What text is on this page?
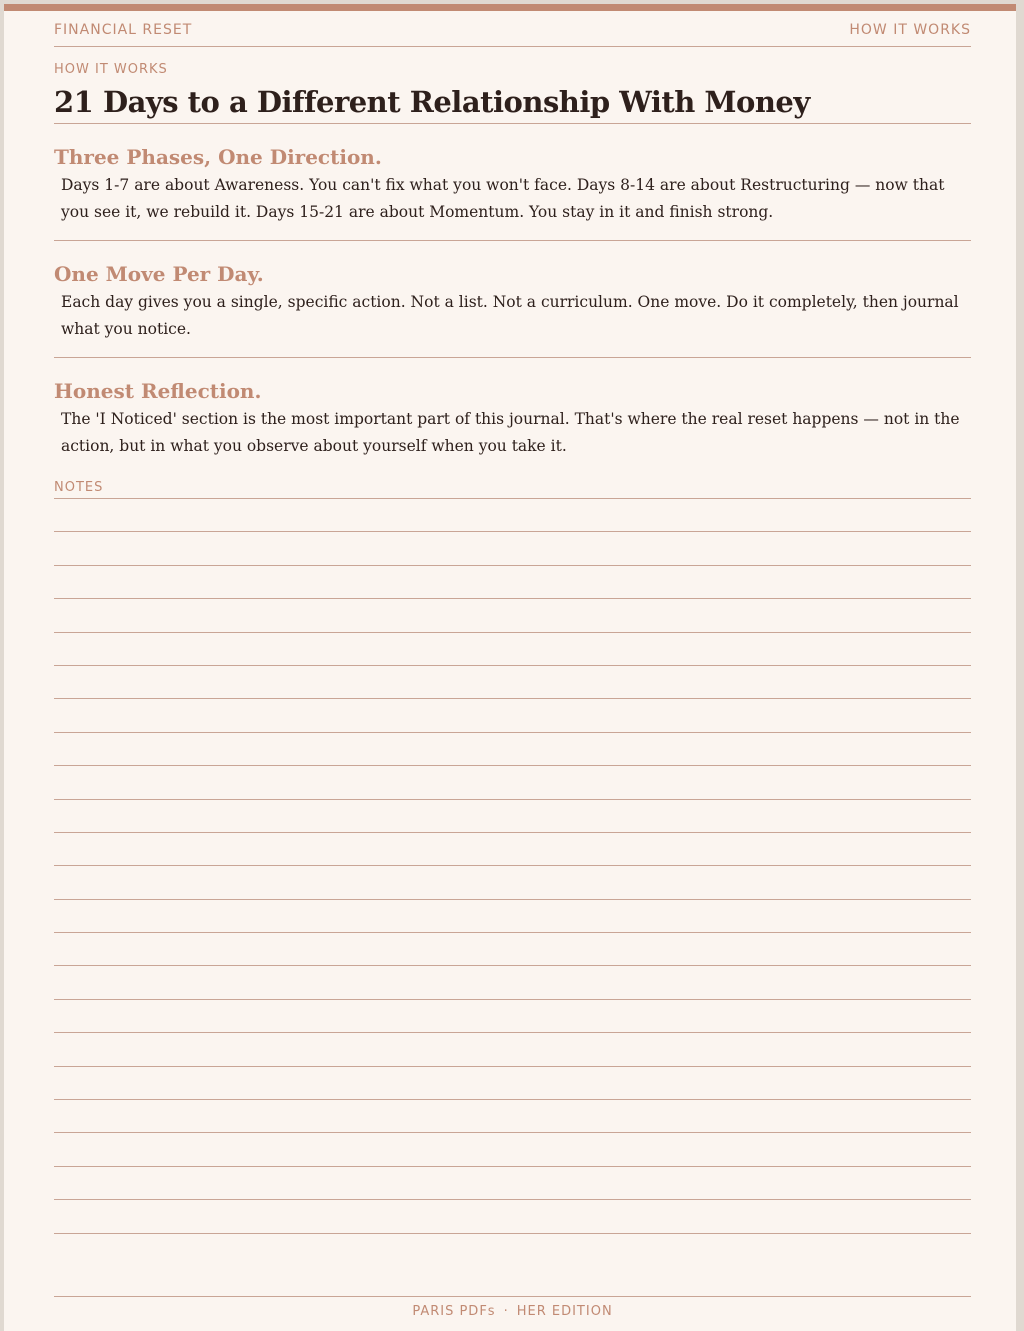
FINANCIAL RESET	HOW IT WORKS
HOW IT WORKS
21 Days to a Different Relationship With Money
Three Phases, One Direction.

Days 1-7 are about Awareness. You can't fix what you won't face. Days 8-14 are about Restructuring — now that you see it, we rebuild it. Days 15-21 are about Momentum. You stay in it and finish strong.

One Move Per Day.

Each day gives you a single, specific action. Not a list. Not a curriculum. One move. Do it completely, then journal what you notice.

Honest Reflection.

The 'I Noticed' section is the most important part of this journal. That's where the real reset happens — not in the action, but in what you observe about yourself when you take it.

NOTES
PARIS PDFs · HER EDITION
